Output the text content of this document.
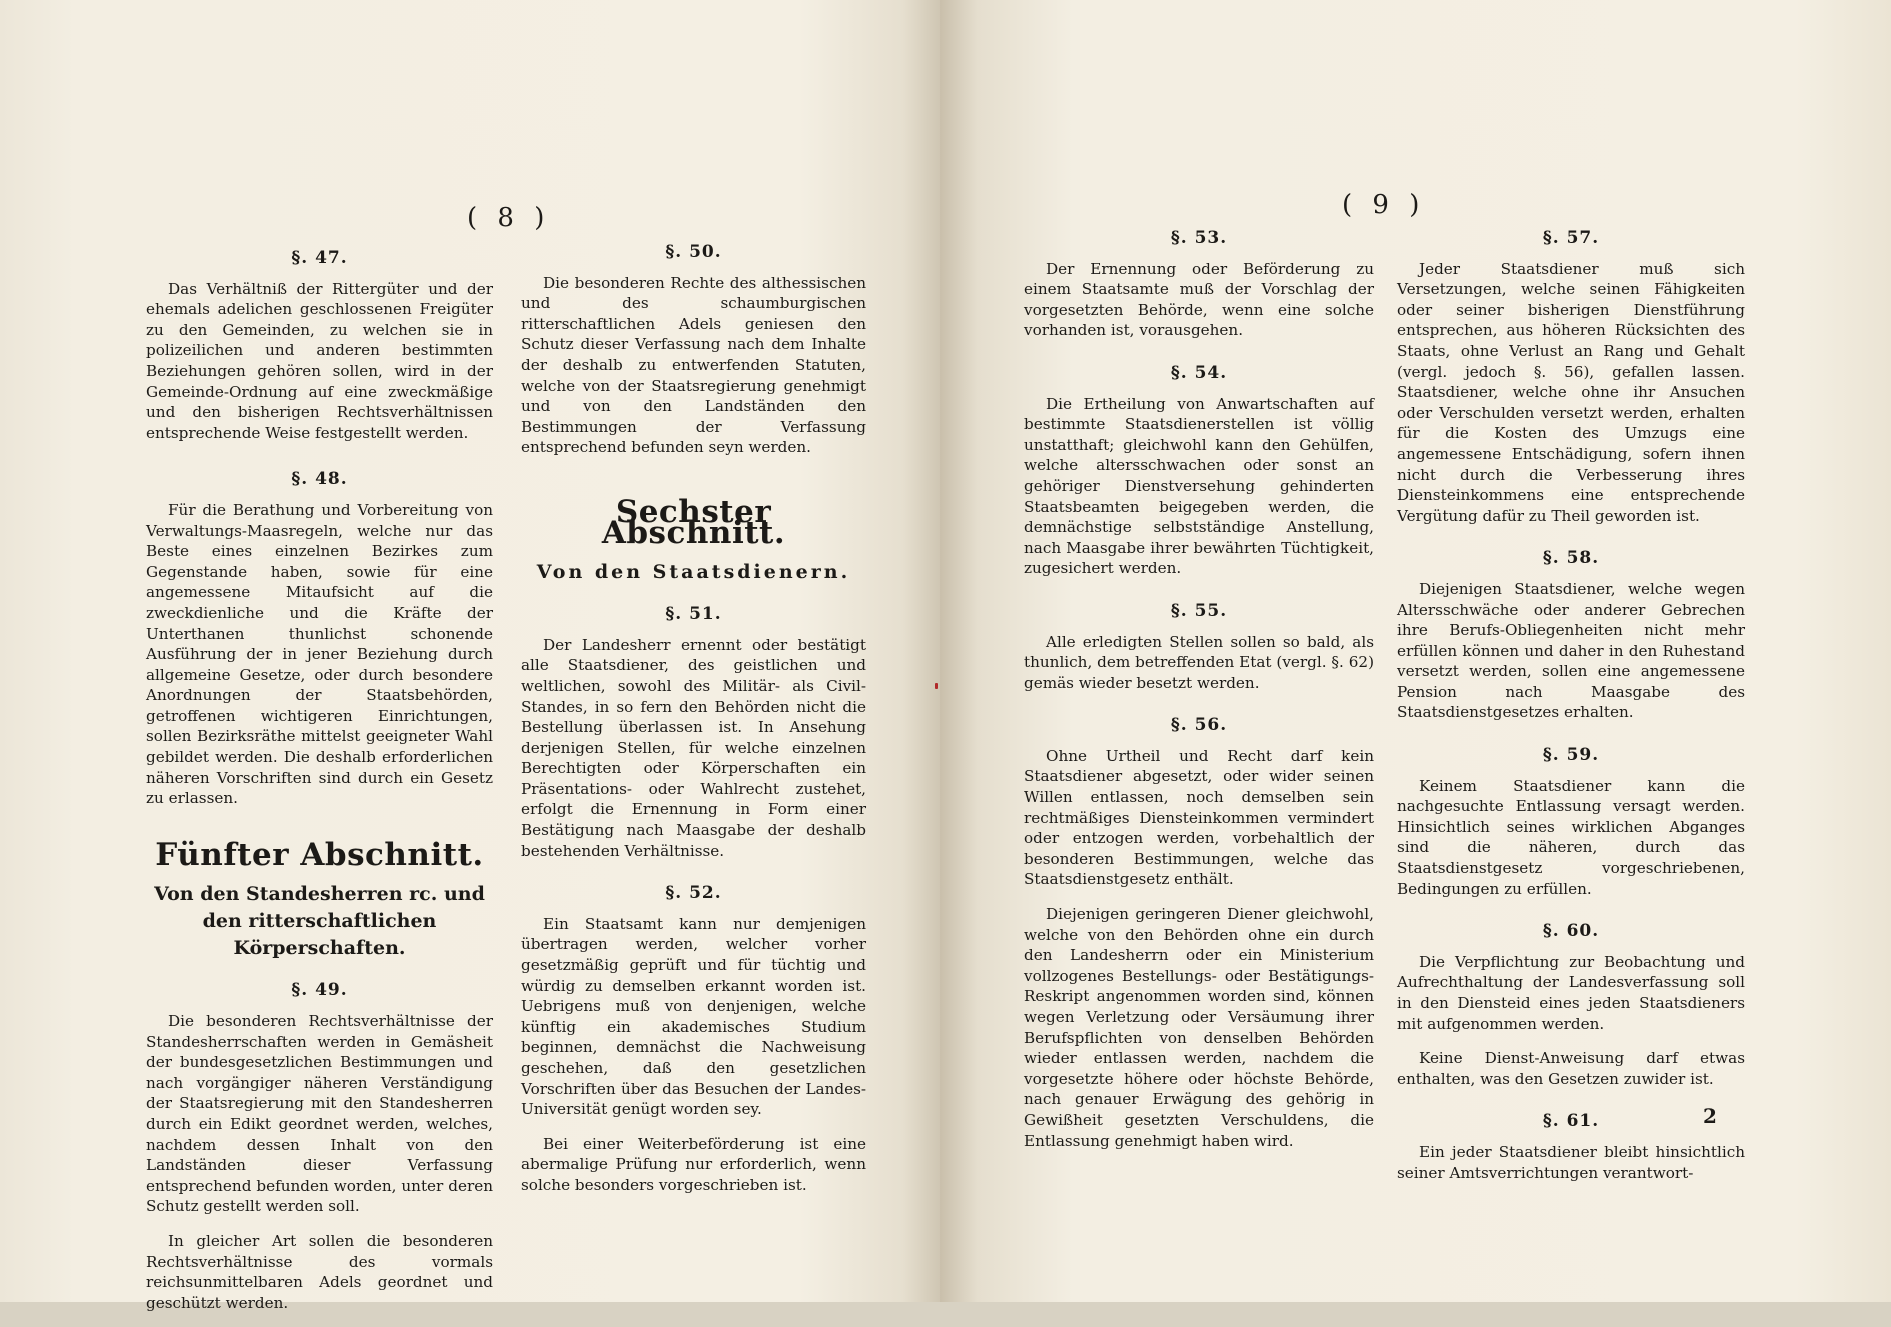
( 8 )
§. 47.

Das Verhältniß der Rittergüter und der ehemals adelichen geschlossenen Freigüter zu den Gemeinden, zu welchen sie in polizeilichen und anderen bestimmten Beziehungen gehören sollen, wird in der Gemeinde-Ordnung auf eine zweckmäßige und den bisherigen Rechtsverhältnissen entsprechende Weise festgestellt werden.

§. 48.

Für die Berathung und Vorbereitung von Verwaltungs-Maasregeln, welche nur das Beste eines einzelnen Bezirkes zum Gegenstande haben, sowie für eine angemessene Mitaufsicht auf die zweckdienliche und die Kräfte der Unterthanen thunlichst schonende Ausführung der in jener Beziehung durch allgemeine Gesetze, oder durch besondere Anordnungen der Staatsbehörden, getroffenen wichtigeren Einrichtungen, sollen Bezirksräthe mittelst geeigneter Wahl gebildet werden. Die deshalb erforderlichen näheren Vorschriften sind durch ein Gesetz zu erlassen.

Fünfter Abschnitt.
Von den Standesherren rc. und den ritterschaftlichen Körperschaften.
§. 49.

Die besonderen Rechtsverhältnisse der Standesherrschaften werden in Gemäsheit der bundesgesetzlichen Bestimmungen und nach vorgängiger näheren Verständigung der Staatsregierung mit den Standesherren durch ein Edikt geordnet werden, welches, nachdem dessen Inhalt von den Landständen dieser Verfassung entsprechend befunden worden, unter deren Schutz gestellt werden soll.

In gleicher Art sollen die besonderen Rechtsverhältnisse des vormals reichsunmittelbaren Adels geordnet und geschützt werden.

§. 50.

Die besonderen Rechte des althessischen und des schaumburgischen ritterschaftlichen Adels geniesen den Schutz dieser Verfassung nach dem Inhalte der deshalb zu entwerfenden Statuten, welche von der Staatsregierung genehmigt und von den Landständen den Bestimmungen der Verfassung entsprechend befunden seyn werden.

Sechster Abschnitt.
Von den Staatsdienern.
§. 51.

Der Landesherr ernennt oder bestätigt alle Staatsdiener, des geistlichen und weltlichen, sowohl des Militär- als Civil-Standes, in so fern den Behörden nicht die Bestellung überlassen ist. In Ansehung derjenigen Stellen, für welche einzelnen Berechtigten oder Körperschaften ein Präsentations- oder Wahlrecht zustehet, erfolgt die Ernennung in Form einer Bestätigung nach Maasgabe der deshalb bestehenden Verhältnisse.

§. 52.

Ein Staatsamt kann nur demjenigen übertragen werden, welcher vorher gesetzmäßig geprüft und für tüchtig und würdig zu demselben erkannt worden ist. Uebrigens muß von denjenigen, welche künftig ein akademisches Studium beginnen, demnächst die Nachweisung geschehen, daß den gesetzlichen Vorschriften über das Besuchen der Landes-Universität genügt worden sey.

Bei einer Weiterbeförderung ist eine abermalige Prüfung nur erforderlich, wenn solche besonders vorgeschrieben ist.

( 9 )
§. 53.

Der Ernennung oder Beförderung zu einem Staatsamte muß der Vorschlag der vorgesetzten Behörde, wenn eine solche vorhanden ist, vorausgehen.

§. 54.

Die Ertheilung von Anwartschaften auf bestimmte Staatsdienerstellen ist völlig unstatthaft; gleichwohl kann den Gehülfen, welche altersschwachen oder sonst an gehöriger Dienstversehung gehinderten Staatsbeamten beigegeben werden, die demnächstige selbstständige Anstellung, nach Maasgabe ihrer bewährten Tüchtigkeit, zugesichert werden.

§. 55.

Alle erledigten Stellen sollen so bald, als thunlich, dem betreffenden Etat (vergl. §. 62) gemäs wieder besetzt werden.

§. 56.

Ohne Urtheil und Recht darf kein Staatsdiener abgesetzt, oder wider seinen Willen entlassen, noch demselben sein rechtmäßiges Diensteinkommen vermindert oder entzogen werden, vorbehaltlich der besonderen Bestimmungen, welche das Staatsdienstgesetz enthält.

Diejenigen geringeren Diener gleichwohl, welche von den Behörden ohne ein durch den Landesherrn oder ein Ministerium vollzogenes Bestellungs- oder Bestätigungs-Reskript angenommen worden sind, können wegen Verletzung oder Versäumung ihrer Berufspflichten von denselben Behörden wieder entlassen werden, nachdem die vorgesetzte höhere oder höchste Behörde, nach genauer Erwägung des gehörig in Gewißheit gesetzten Verschuldens, die Entlassung genehmigt haben wird.

§. 57.

Jeder Staatsdiener muß sich Versetzungen, welche seinen Fähigkeiten oder seiner bisherigen Dienstführung entsprechen, aus höheren Rücksichten des Staats, ohne Verlust an Rang und Gehalt (vergl. jedoch §. 56), gefallen lassen. Staatsdiener, welche ohne ihr Ansuchen oder Verschulden versetzt werden, erhalten für die Kosten des Umzugs eine angemessene Entschädigung, sofern ihnen nicht durch die Verbesserung ihres Diensteinkommens eine entsprechende Vergütung dafür zu Theil geworden ist.

§. 58.

Diejenigen Staatsdiener, welche wegen Altersschwäche oder anderer Gebrechen ihre Berufs-Obliegenheiten nicht mehr erfüllen können und daher in den Ruhestand versetzt werden, sollen eine angemessene Pension nach Maasgabe des Staatsdienstgesetzes erhalten.

§. 59.

Keinem Staatsdiener kann die nachgesuchte Entlassung versagt werden. Hinsichtlich seines wirklichen Abganges sind die näheren, durch das Staatsdienstgesetz vorgeschriebenen, Bedingungen zu erfüllen.

§. 60.

Die Verpflichtung zur Beobachtung und Aufrechthaltung der Landesverfassung soll in den Diensteid eines jeden Staatsdieners mit aufgenommen werden.

Keine Dienst-Anweisung darf etwas enthalten, was den Gesetzen zuwider ist.

§. 61.

Ein jeder Staatsdiener bleibt hinsichtlich seiner Amtsverrichtungen verantwort-

2
